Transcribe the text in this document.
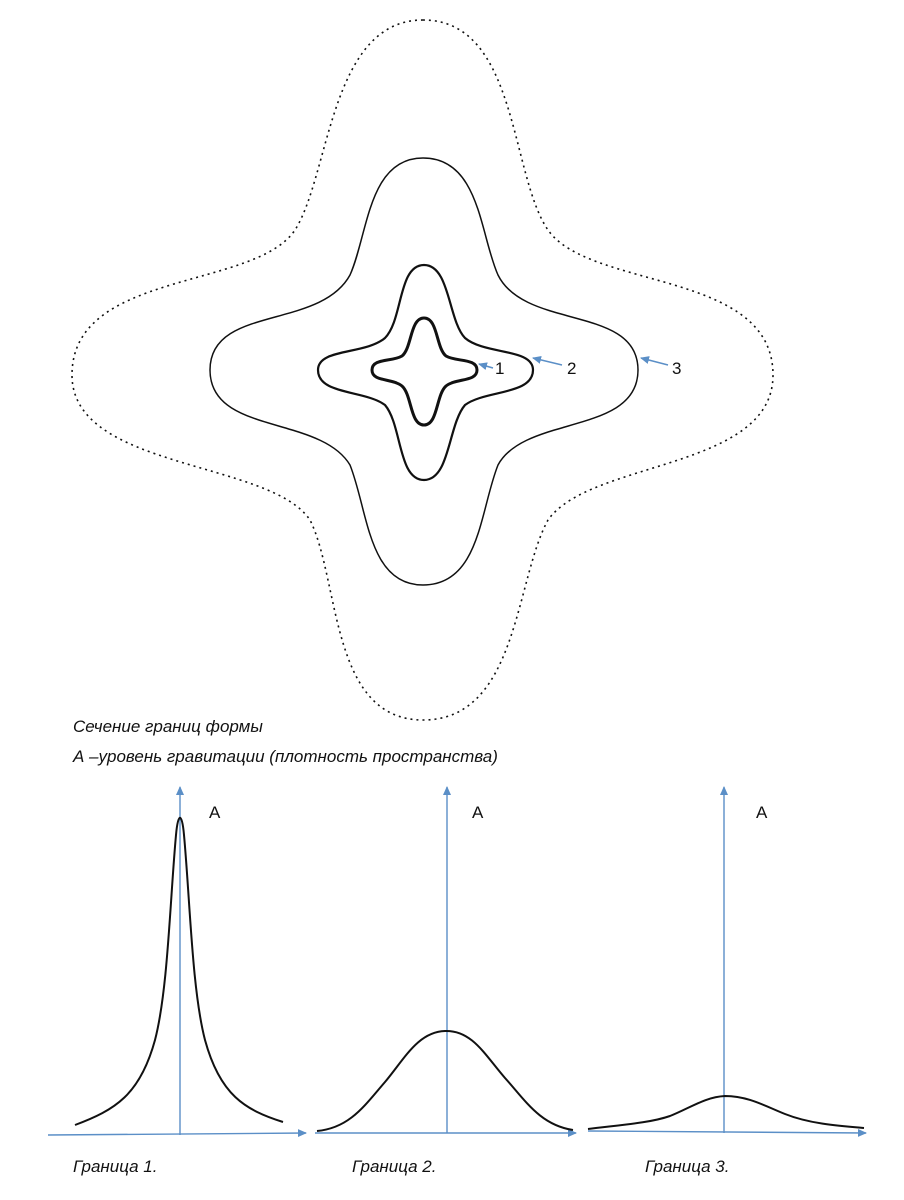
1	2	3
Сечение границ формы
А –уровень гравитации (плотность пространства)
А
Граница 1.
А
Граница 2.
А
Граница 3.
